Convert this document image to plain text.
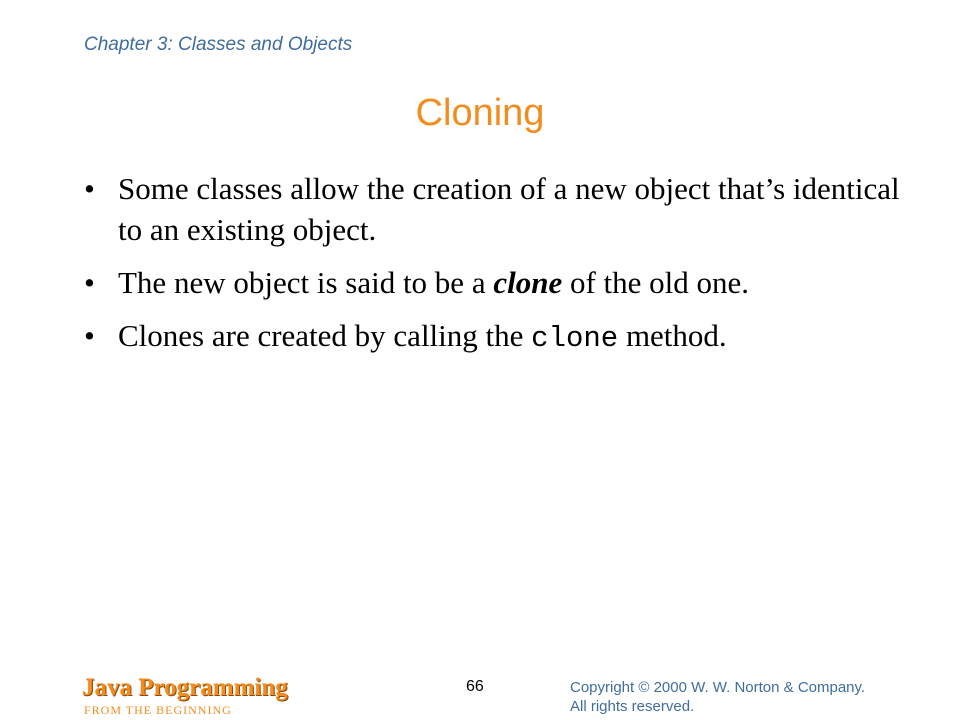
Chapter 3: Classes and Objects
Cloning
• Some classes allow the creation of a new object that’s identical to an existing object.
• The new object is said to be a clone of the old one.
• Clones are created by calling the clone method.
Java Programming
FROM THE BEGINNING
66	Copyright © 2000 W. W. Norton & Company.
All rights reserved.
